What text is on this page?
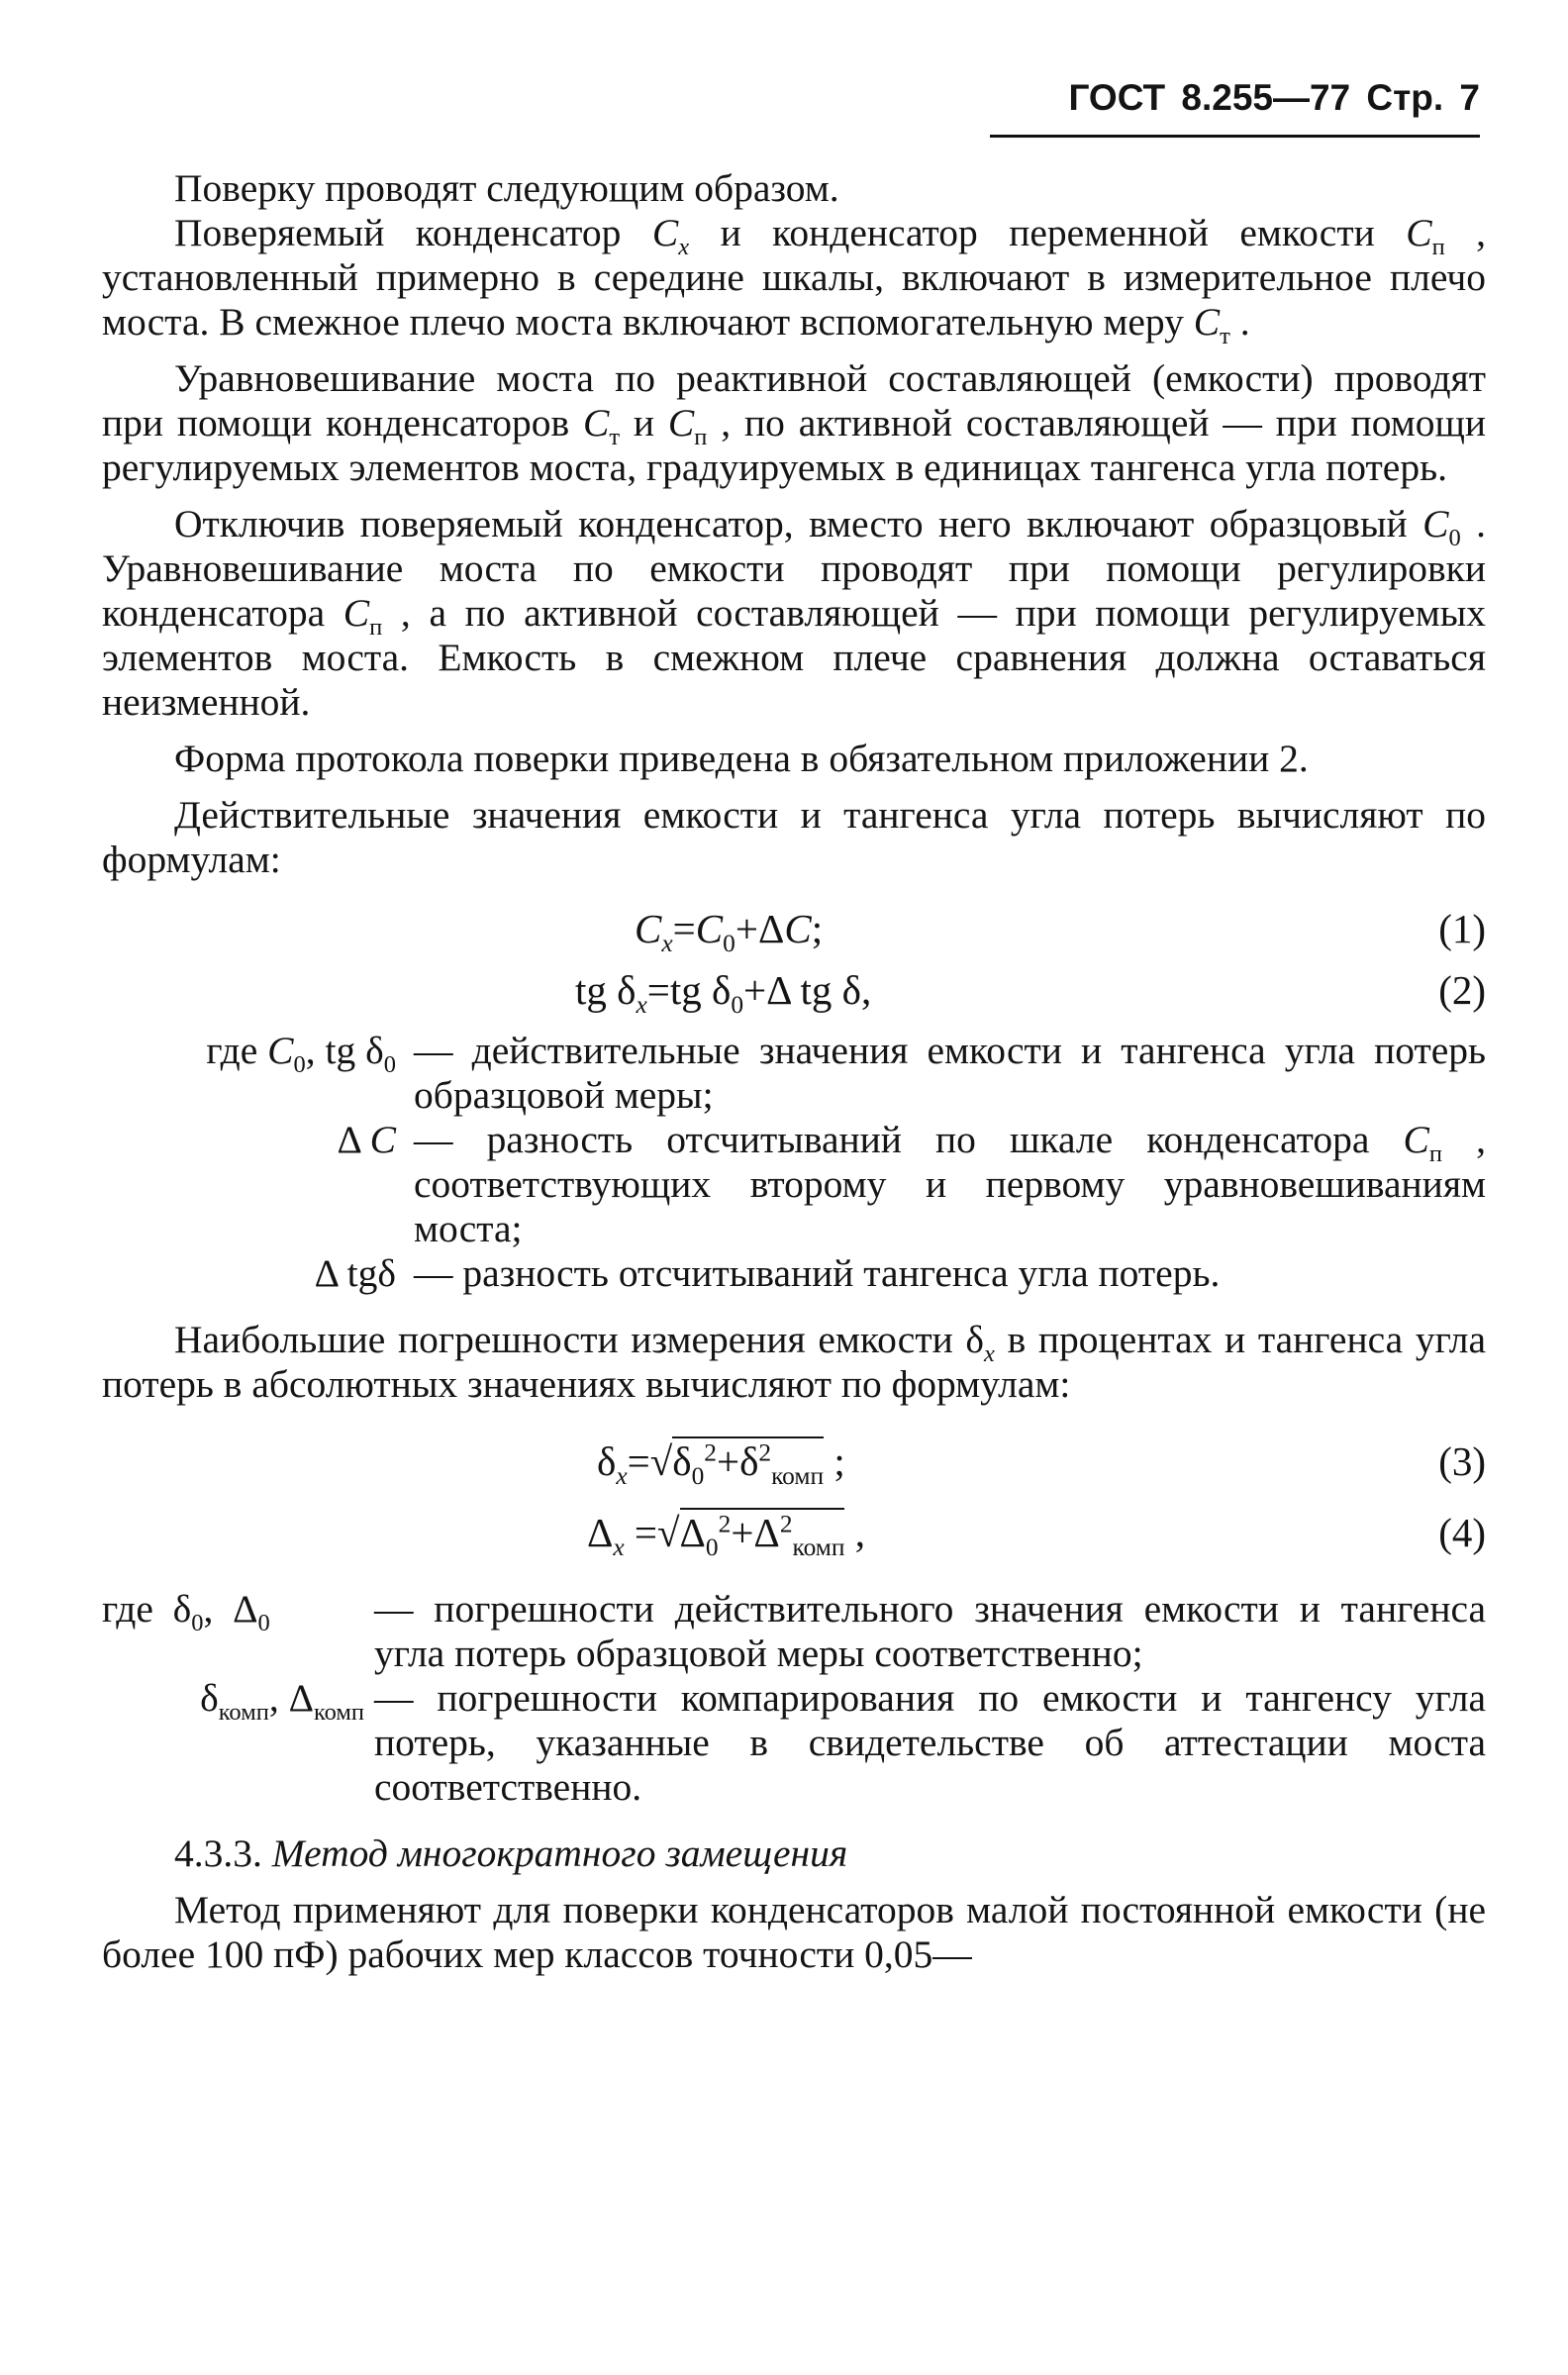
ГОСТ 8.255—77 Стр. 7

Поверку проводят следующим образом.

Поверяемый конденсатор $C_x$ и конденсатор переменной емкости $C_п$ , установленный примерно в середине шкалы, включают в измерительное плечо моста. В смежное плечо моста включают вспомогательную меру $C_т$ .

Уравновешивание моста по реактивной составляющей (емкости) проводят при помощи конденсаторов $C_т$ и $C_п$ , по активной составляющей — при помощи регулируемых элементов моста, градуируемых в единицах тангенса угла потерь.

Отключив поверяемый конденсатор, вместо него включают образцовый $C_0$ . Уравновешивание моста по емкости проводят при помощи регулировки конденсатора $C_п$ , а по активной составляющей — при помощи регулируемых элементов моста. Емкость в смежном плече сравнения должна оставаться неизменной.

Форма протокола поверки приведена в обязательном приложении 2.

Действительные значения емкости и тангенса угла потерь вычисляют по формулам:

$C_x=C_0+\Delta C$;	(1)
tg $\delta_x=tg$ $\delta_0+\Delta$ tg δ,	(2)
где $C_0$, tg $\delta_0$ — действительные значения емкости и тангенса угла потерь образцовой меры;
Δ C — разность отсчитываний по шкале конденсатора $C_п$ , соответствующих второму и первому уравновешиваниям моста;
Δ tgδ — разность отсчитываний тангенса угла потерь.

Наибольшие погрешности измерения емкости $\delta_x$ в процентах и тангенса угла потерь в абсолютных значениях вычисляют по формулам:

$\delta_x=√\delta_0^2+\delta^2_{комп}$ ;	(3)
$\Delta_x =√\Delta_0^2+\Delta^2_{комп}$ ,	(4)
где  $\delta_0$,  $\Delta_0$	— погрешности действительного значения емкости и тангенса угла потерь образцовой меры соответственно;
$\delta_{комп}$, $\Delta_{комп}$ — погрешности компарирования по емкости и тангенсу угла потерь, указанные в свидетельстве об аттестации моста соответственно.

4.3.3. Метод многократного замещения

Метод применяют для поверки конденсаторов малой постоянной емкости (не более 100 пФ) рабочих мер классов точности 0,05—
